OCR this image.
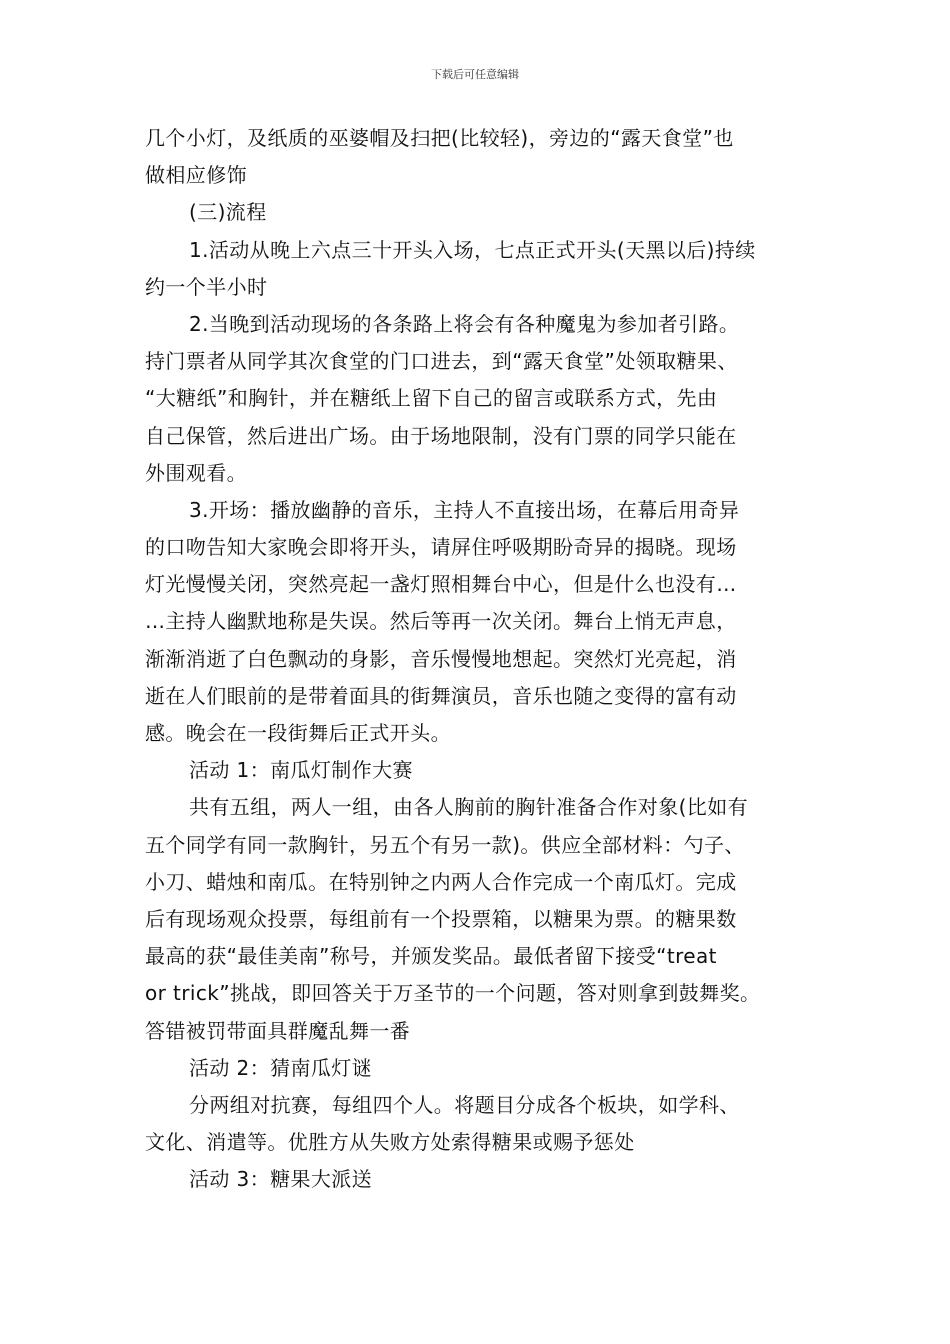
下载后可任意编辑
几个小灯，及纸质的巫婆帽及扫把(比较轻)，旁边的“露天食堂”也
做相应修饰
(三)流程
1.活动从晚上六点三十开头入场，七点正式开头(天黑以后)持续
约一个半小时
2.当晚到活动现场的各条路上将会有各种魔鬼为参加者引路。
持门票者从同学其次食堂的门口进去，到“露天食堂”处领取糖果、
“大糖纸”和胸针，并在糖纸上留下自己的留言或联系方式，先由
自己保管，然后进出广场。由于场地限制，没有门票的同学只能在
外围观看。
3.开场：播放幽静的音乐，主持人不直接出场，在幕后用奇异
的口吻告知大家晚会即将开头，请屏住呼吸期盼奇异的揭晓。现场
灯光慢慢关闭，突然亮起一盏灯照相舞台中心，但是什么也没有…
…主持人幽默地称是失误。然后等再一次关闭。舞台上悄无声息，
渐渐消逝了白色飘动的身影，音乐慢慢地想起。突然灯光亮起，消
逝在人们眼前的是带着面具的街舞演员，音乐也随之变得的富有动
感。晚会在一段街舞后正式开头。
活动 1：南瓜灯制作大赛
共有五组，两人一组，由各人胸前的胸针准备合作对象(比如有
五个同学有同一款胸针，另五个有另一款)。供应全部材料：勺子、
小刀、蜡烛和南瓜。在特别钟之内两人合作完成一个南瓜灯。完成
后有现场观众投票，每组前有一个投票箱，以糖果为票。的糖果数
最高的获“最佳美南”称号，并颁发奖品。最低者留下接受“treat
or trick”挑战，即回答关于万圣节的一个问题，答对则拿到鼓舞奖。
答错被罚带面具群魔乱舞一番
活动 2：猜南瓜灯谜
分两组对抗赛，每组四个人。将题目分成各个板块，如学科、
文化、消遣等。优胜方从失败方处索得糖果或赐予惩处
活动 3：糖果大派送
